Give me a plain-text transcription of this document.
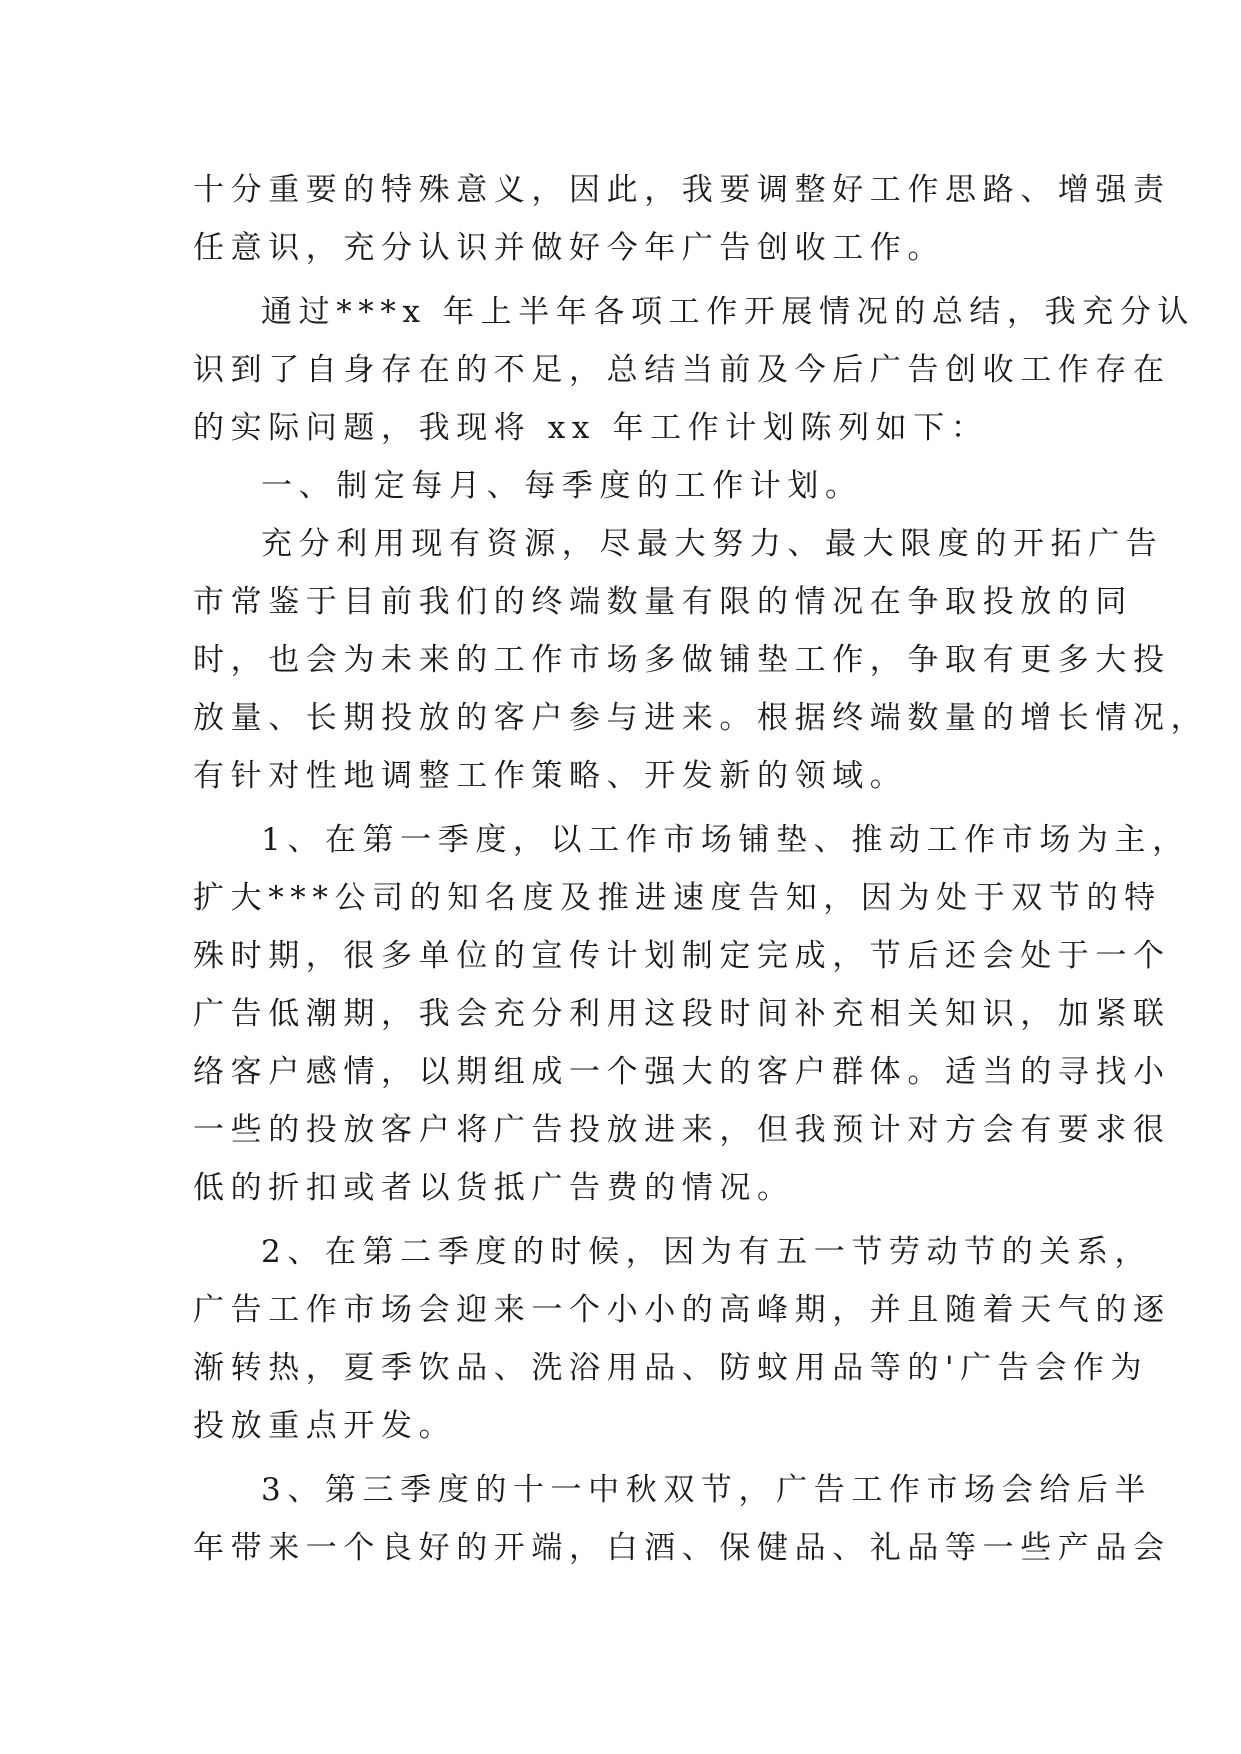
十分重要的特殊意义，因此，我要调整好工作思路、增强责
任意识，充分认识并做好今年广告创收工作。
通过***x 年上半年各项工作开展情况的总结，我充分认
识到了自身存在的不足，总结当前及今后广告创收工作存在
的实际问题，我现将 xx 年工作计划陈列如下：
一、制定每月、每季度的工作计划。
充分利用现有资源，尽最大努力、最大限度的开拓广告
市常鉴于目前我们的终端数量有限的情况在争取投放的同
时，也会为未来的工作市场多做铺垫工作，争取有更多大投
放量、长期投放的客户参与进来。根据终端数量的增长情况，
有针对性地调整工作策略、开发新的领域。
1、在第一季度，以工作市场铺垫、推动工作市场为主，
扩大***公司的知名度及推进速度告知，因为处于双节的特
殊时期，很多单位的宣传计划制定完成，节后还会处于一个
广告低潮期，我会充分利用这段时间补充相关知识，加紧联
络客户感情，以期组成一个强大的客户群体。适当的寻找小
一些的投放客户将广告投放进来，但我预计对方会有要求很
低的折扣或者以货抵广告费的情况。
2、在第二季度的时候，因为有五一节劳动节的关系，
广告工作市场会迎来一个小小的高峰期，并且随着天气的逐
渐转热，夏季饮品、洗浴用品、防蚊用品等的'广告会作为
投放重点开发。
3、第三季度的十一中秋双节，广告工作市场会给后半
年带来一个良好的开端，白酒、保健品、礼品等一些产品会
